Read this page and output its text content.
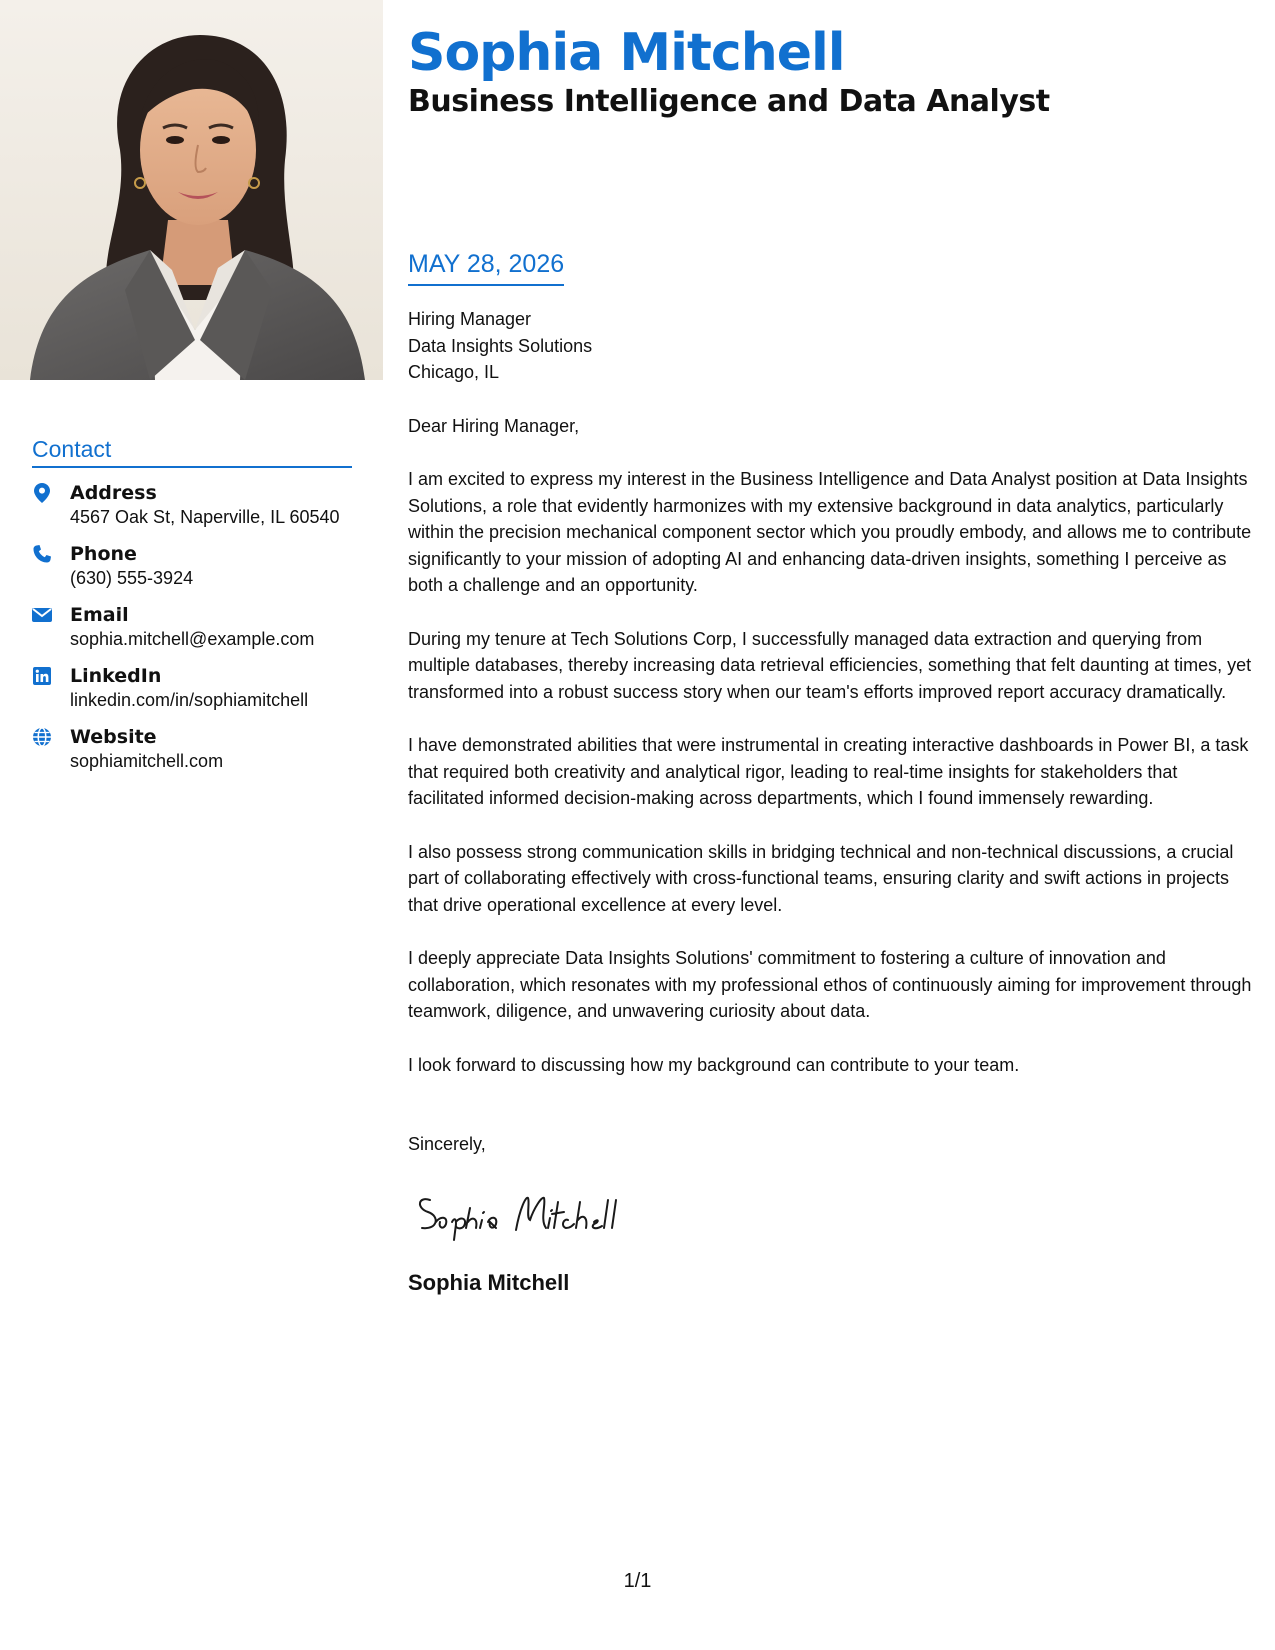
Contact
Address
4567 Oak St, Naperville, IL 60540
Phone
(630) 555-3924
Email
sophia.mitchell@example.com
LinkedIn
linkedin.com/in/sophiamitchell
Website
sophiamitchell.com
Sophia Mitchell
Business Intelligence and Data Analyst
MAY 28, 2026
Hiring Manager
Data Insights Solutions
Chicago, IL

Dear Hiring Manager,

I am excited to express my interest in the Business Intelligence and Data Analyst position at Data Insights Solutions, a role that evidently harmonizes with my extensive background in data analytics, particularly within the precision mechanical component sector which you proudly embody, and allows me to contribute significantly to your mission of adopting AI and enhancing data-driven insights, something I perceive as both a challenge and an opportunity.

During my tenure at Tech Solutions Corp, I successfully managed data extraction and querying from multiple databases, thereby increasing data retrieval efficiencies, something that felt daunting at times, yet transformed into a robust success story when our team's efforts improved report accuracy dramatically.

I have demonstrated abilities that were instrumental in creating interactive dashboards in Power BI, a task that required both creativity and analytical rigor, leading to real-time insights for stakeholders that facilitated informed decision-making across departments, which I found immensely rewarding.

I also possess strong communication skills in bridging technical and non-technical discussions, a crucial part of collaborating effectively with cross-functional teams, ensuring clarity and swift actions in projects that drive operational excellence at every level.

I deeply appreciate Data Insights Solutions' commitment to fostering a culture of innovation and collaboration, which resonates with my professional ethos of continuously aiming for improvement through teamwork, diligence, and unwavering curiosity about data.

I look forward to discussing how my background can contribute to your team.

Sincerely,

Sophia Mitchell

1/1
